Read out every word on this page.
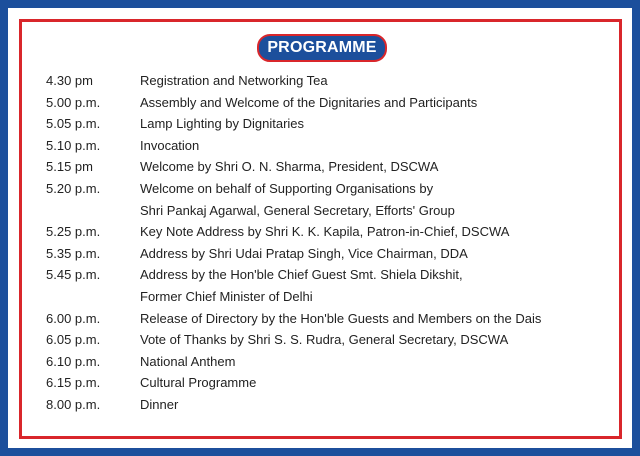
PROGRAMME
4.30 pm	Registration and Networking Tea
5.00 p.m.	Assembly and Welcome of the Dignitaries and Participants
5.05 p.m.	Lamp Lighting by Dignitaries
5.10 p.m.	Invocation
5.15 pm	Welcome by Shri O. N. Sharma, President, DSCWA
5.20 p.m.	Welcome on behalf of Supporting Organisations by
Shri Pankaj Agarwal, General Secretary, Efforts' Group
5.25 p.m.	Key Note Address by Shri K. K. Kapila, Patron-in-Chief, DSCWA
5.35 p.m.	Address by Shri Udai Pratap Singh, Vice Chairman, DDA
5.45 p.m.	Address by the Hon'ble Chief Guest Smt. Shiela Dikshit,
Former Chief Minister of Delhi
6.00 p.m.	Release of Directory by the Hon'ble Guests and Members on the Dais
6.05 p.m.	Vote of Thanks by Shri S. S. Rudra, General Secretary, DSCWA
6.10 p.m.	National Anthem
6.15 p.m.	Cultural Programme
8.00 p.m.	Dinner
